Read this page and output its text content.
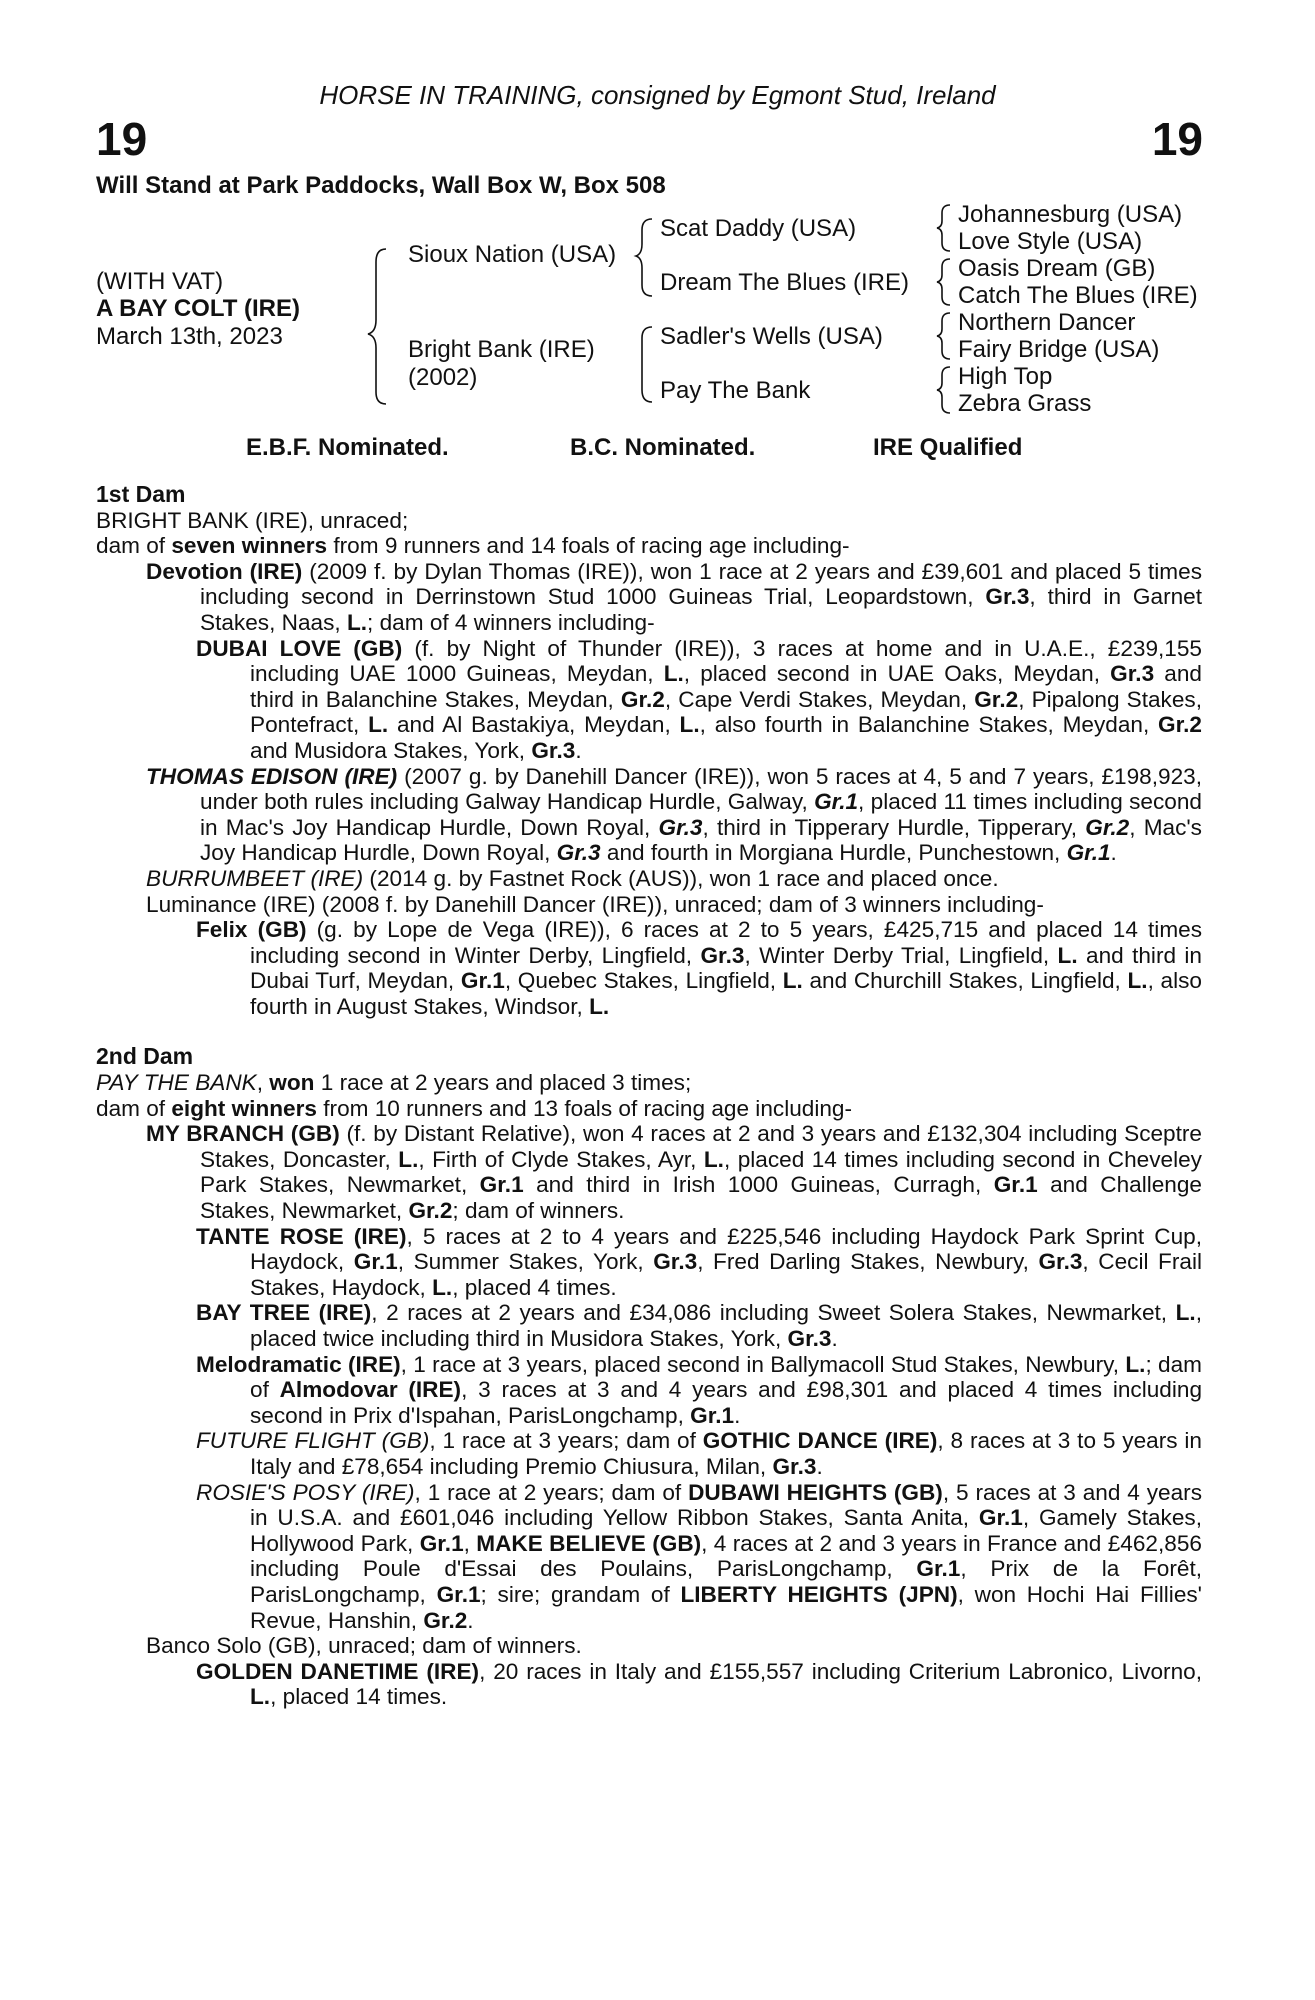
HORSE IN TRAINING, consigned by Egmont Stud, Ireland
19	19
Will Stand at Park Paddocks, Wall Box W, Box 508
(WITH VAT)
A BAY COLT (IRE)
March 13th, 2023
Sioux Nation (USA)
Bright Bank (IRE)
(2002)
Scat Daddy (USA)
Dream The Blues (IRE)
Sadler's Wells (USA)
Pay The Bank
Johannesburg (USA)
Love Style (USA)
Oasis Dream (GB)
Catch The Blues (IRE)
Northern Dancer
Fairy Bridge (USA)
High Top
Zebra Grass
E.B.F. Nominated.	B.C. Nominated.	IRE Qualified

1st Dam

BRIGHT BANK (IRE), unraced;

dam of seven winners from 9 runners and 14 foals of racing age including-

Devotion (IRE) (2009 f. by Dylan Thomas (IRE)), won 1 race at 2 years and £39,601 and placed 5 times including second in Derrinstown Stud 1000 Guineas Trial, Leopardstown, Gr.3, third in Garnet Stakes, Naas, L.; dam of 4 winners including-

DUBAI LOVE (GB) (f. by Night of Thunder (IRE)), 3 races at home and in U.A.E., £239,155 including UAE 1000 Guineas, Meydan, L., placed second in UAE Oaks, Meydan, Gr.3 and third in Balanchine Stakes, Meydan, Gr.2, Cape Verdi Stakes, Meydan, Gr.2, Pipalong Stakes, Pontefract, L. and Al Bastakiya, Meydan, L., also fourth in Balanchine Stakes, Meydan, Gr.2 and Musidora Stakes, York, Gr.3.

THOMAS EDISON (IRE) (2007 g. by Danehill Dancer (IRE)), won 5 races at 4, 5 and 7 years, £198,923, under both rules including Galway Handicap Hurdle, Galway, Gr.1, placed 11 times including second in Mac's Joy Handicap Hurdle, Down Royal, Gr.3, third in Tipperary Hurdle, Tipperary, Gr.2, Mac's Joy Handicap Hurdle, Down Royal, Gr.3 and fourth in Morgiana Hurdle, Punchestown, Gr.1.

BURRUMBEET (IRE) (2014 g. by Fastnet Rock (AUS)), won 1 race and placed once.

Luminance (IRE) (2008 f. by Danehill Dancer (IRE)), unraced; dam of 3 winners including-

Felix (GB) (g. by Lope de Vega (IRE)), 6 races at 2 to 5 years, £425,715 and placed 14 times including second in Winter Derby, Lingfield, Gr.3, Winter Derby Trial, Lingfield, L. and third in Dubai Turf, Meydan, Gr.1, Quebec Stakes, Lingfield, L. and Churchill Stakes, Lingfield, L., also fourth in August Stakes, Windsor, L.

2nd Dam

PAY THE BANK, won 1 race at 2 years and placed 3 times;

dam of eight winners from 10 runners and 13 foals of racing age including-

MY BRANCH (GB) (f. by Distant Relative), won 4 races at 2 and 3 years and £132,304 including Sceptre Stakes, Doncaster, L., Firth of Clyde Stakes, Ayr, L., placed 14 times including second in Cheveley Park Stakes, Newmarket, Gr.1 and third in Irish 1000 Guineas, Curragh, Gr.1 and Challenge Stakes, Newmarket, Gr.2; dam of winners.

TANTE ROSE (IRE), 5 races at 2 to 4 years and £225,546 including Haydock Park Sprint Cup, Haydock, Gr.1, Summer Stakes, York, Gr.3, Fred Darling Stakes, Newbury, Gr.3, Cecil Frail Stakes, Haydock, L., placed 4 times.

BAY TREE (IRE), 2 races at 2 years and £34,086 including Sweet Solera Stakes, Newmarket, L., placed twice including third in Musidora Stakes, York, Gr.3.

Melodramatic (IRE), 1 race at 3 years, placed second in Ballymacoll Stud Stakes, Newbury, L.; dam of Almodovar (IRE), 3 races at 3 and 4 years and £98,301 and placed 4 times including second in Prix d'Ispahan, ParisLongchamp, Gr.1.

FUTURE FLIGHT (GB), 1 race at 3 years; dam of GOTHIC DANCE (IRE), 8 races at 3 to 5 years in Italy and £78,654 including Premio Chiusura, Milan, Gr.3.

ROSIE'S POSY (IRE), 1 race at 2 years; dam of DUBAWI HEIGHTS (GB), 5 races at 3 and 4 years in U.S.A. and £601,046 including Yellow Ribbon Stakes, Santa Anita, Gr.1, Gamely Stakes, Hollywood Park, Gr.1, MAKE BELIEVE (GB), 4 races at 2 and 3 years in France and £462,856 including Poule d'Essai des Poulains, ParisLongchamp, Gr.1, Prix de la Forêt, ParisLongchamp, Gr.1; sire; grandam of LIBERTY HEIGHTS (JPN), won Hochi Hai Fillies' Revue, Hanshin, Gr.2.

Banco Solo (GB), unraced; dam of winners.

GOLDEN DANETIME (IRE), 20 races in Italy and £155,557 including Criterium Labronico, Livorno, L., placed 14 times.
